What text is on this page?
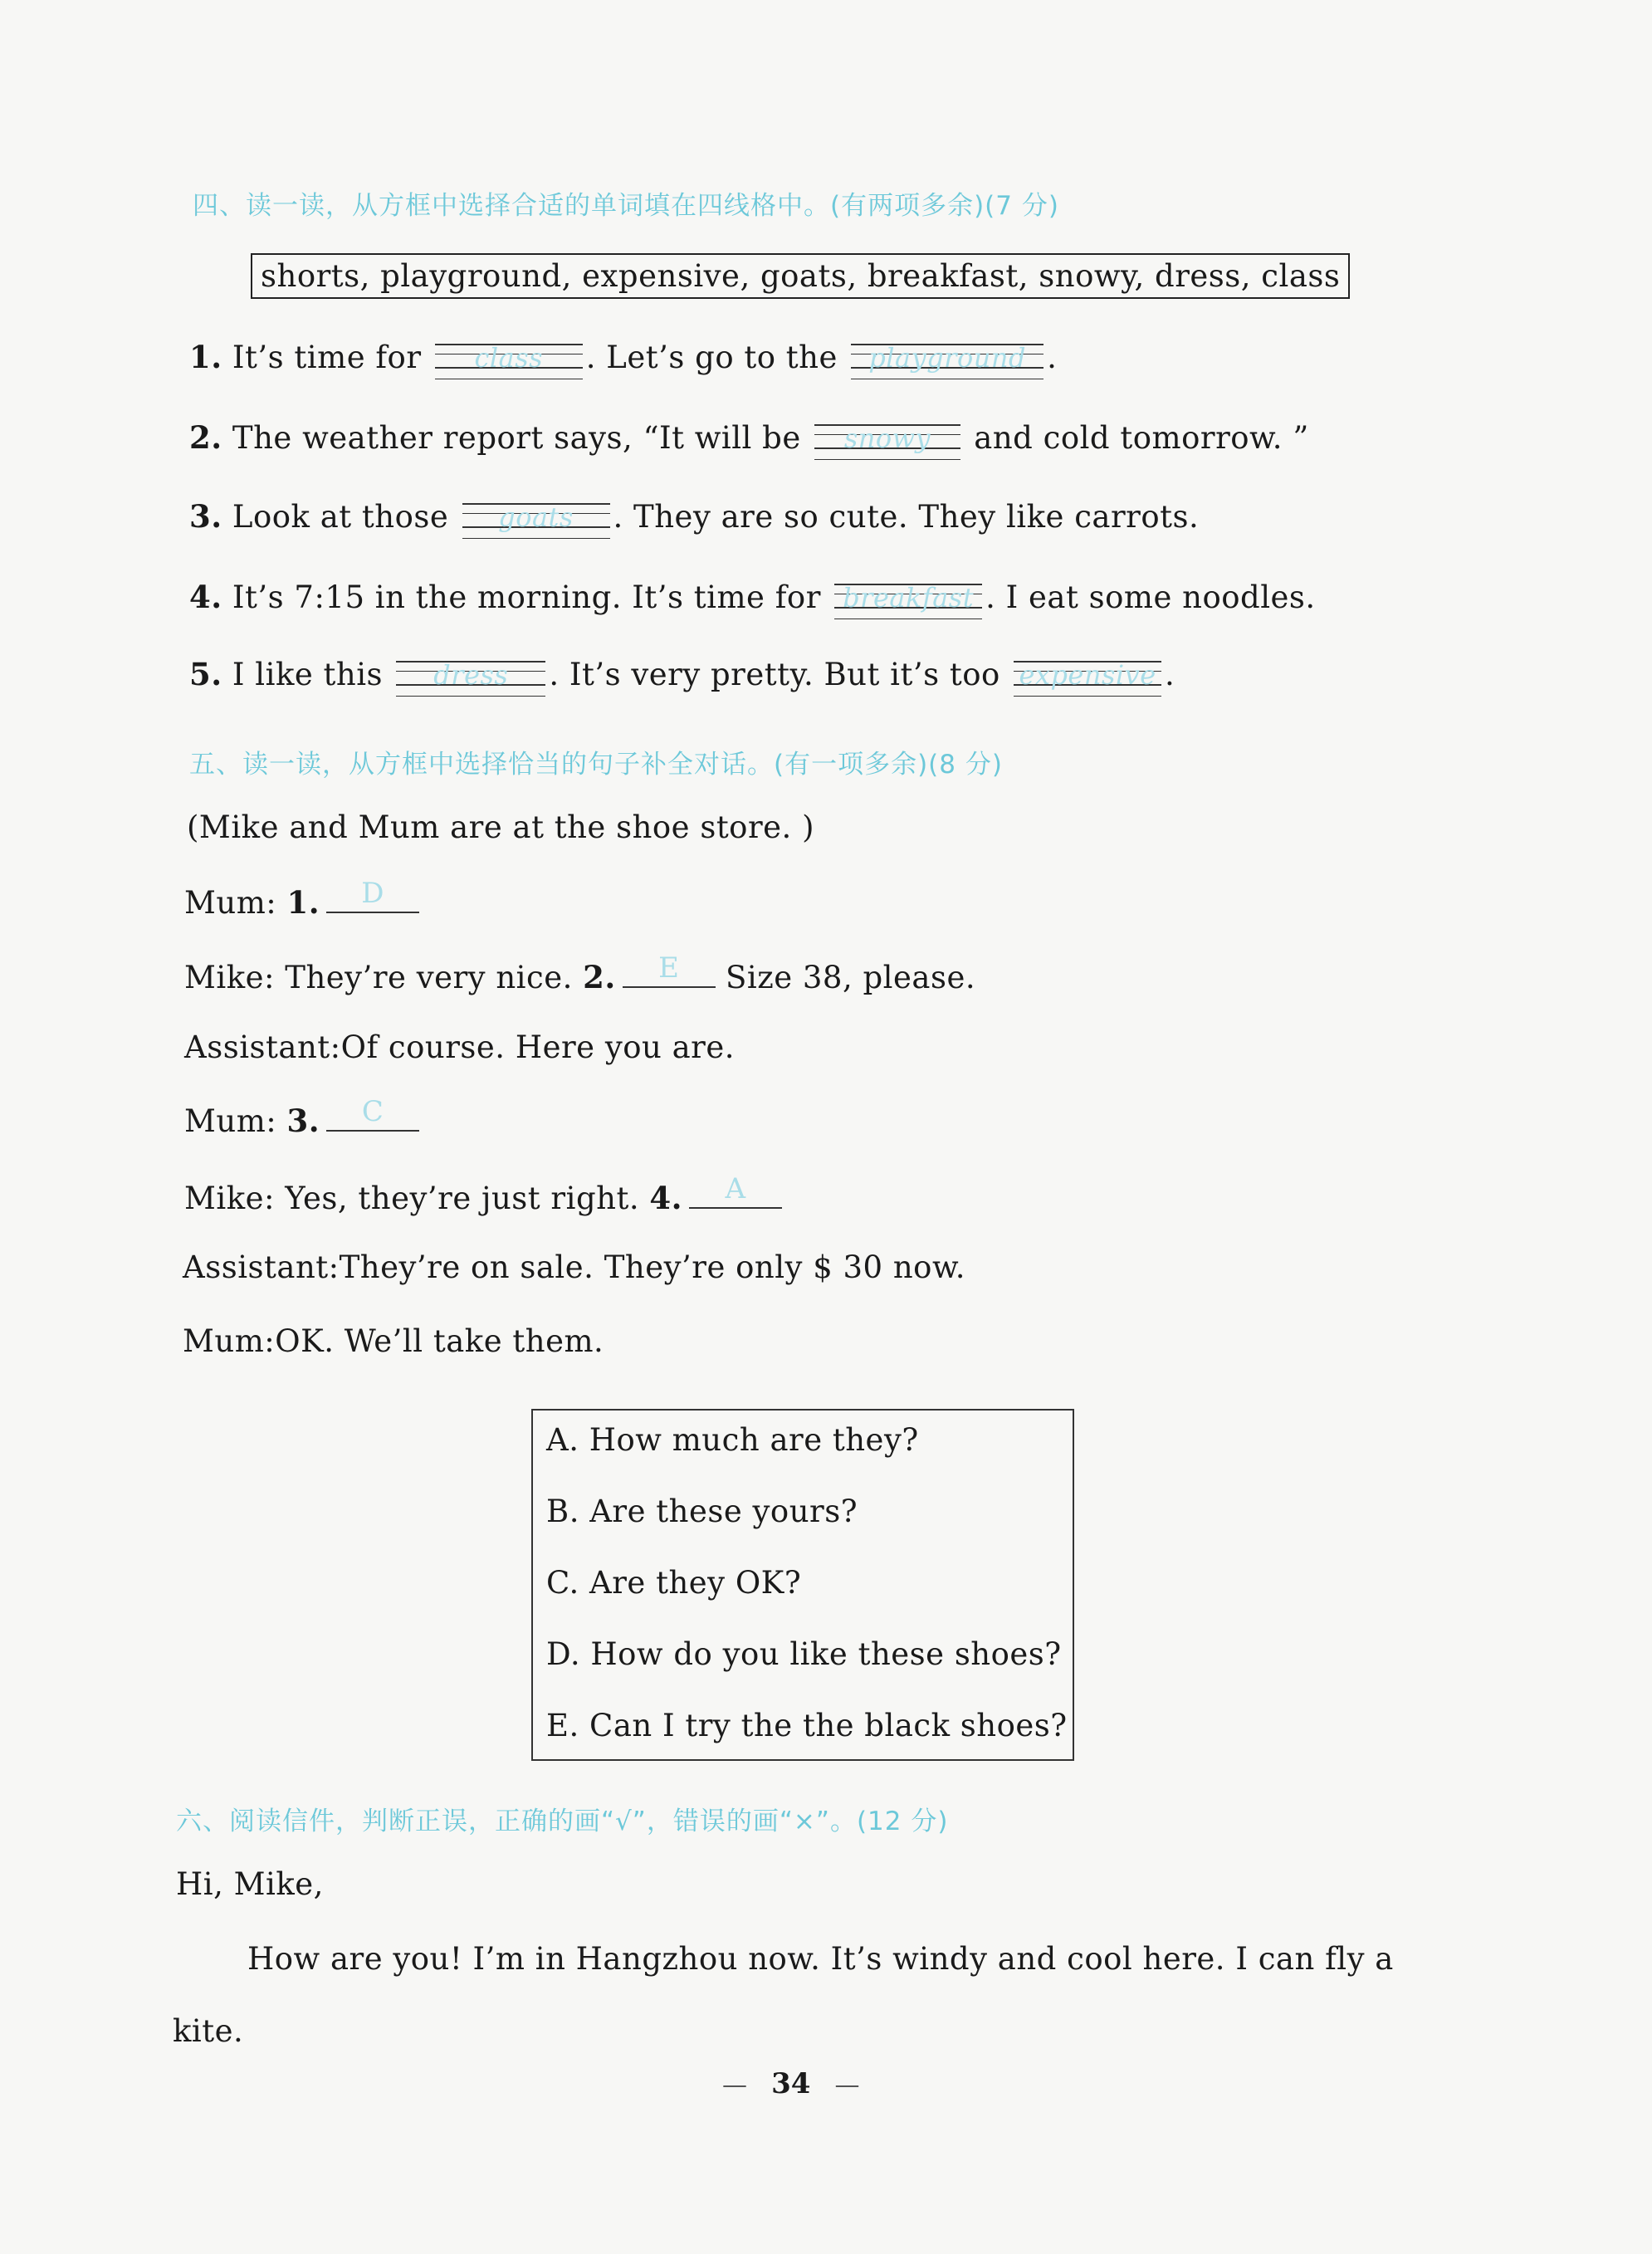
四、读一读，从方框中选择合适的单词填在四线格中。(有两项多余)(7 分)
shorts, playground, expensive, goats, breakfast, snowy, dress, class
1. It’s time for	class	. Let’s go to the playground .
2. The weather report says, “It will be	snowy	and cold tomorrow. ”
3. Look at those	goats	. They are so cute. They like carrots.
4. It’s 7:15 in the morning. It’s time for breakfast . I eat some noodles.
5. I like this	dress	. It’s very pretty. But it’s too expensive .
五、读一读，从方框中选择恰当的句子补全对话。(有一项多余)(8 分)
(Mike and Mum are at the shoe store. )
Mum: 1.	D
Mike: They’re very nice. 2.	E	Size 38, please.
Assistant:Of course. Here you are.
Mum: 3.	C
Mike: Yes, they’re just right. 4.	A
Assistant:They’re on sale. They’re only $ 30 now.
Mum:OK. We’ll take them.
A. How much are they?
B. Are these yours?
C. Are they OK?
D. How do you like these shoes?
E. Can I try the the black shoes?
六、阅读信件，判断正误，正确的画“√”，错误的画“×”。(12 分)
Hi, Mike,
How are you! I’m in Hangzhou now. It’s windy and cool here. I can fly a
kite.
— 34 —
